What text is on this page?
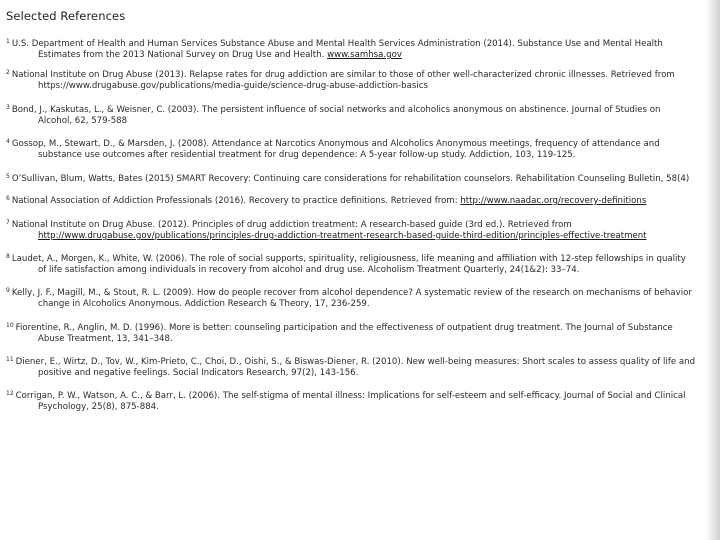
Selected References

$^1$ U.S. Department of Health and Human Services Substance Abuse and Mental Health Services Administration (2014). Substance Use and Mental Health Estimates from the 2013 National Survey on Drug Use and Health. www.samhsa.gov

$^2$ National Institute on Drug Abuse (2013). Relapse rates for drug addiction are similar to those of other well-characterized chronic illnesses. Retrieved from https://www.drugabuse.gov/publications/media-guide/science-drug-abuse-addiction-basics

$^3$ Bond, J., Kaskutas, L., & Weisner, C. (2003). The persistent influence of social networks and alcoholics anonymous on abstinence. Journal of Studies on Alcohol, 62, 579-588

$^4$ Gossop, M., Stewart, D., & Marsden, J. (2008). Attendance at Narcotics Anonymous and Alcoholics Anonymous meetings, frequency of attendance and substance use outcomes after residential treatment for drug dependence: A 5-year follow-up study. Addiction, 103, 119-125.

$^5$ O’Sullivan, Blum, Watts, Bates (2015) SMART Recovery: Continuing care considerations for rehabilitation counselors. Rehabilitation Counseling Bulletin, 58(4)

$^6$ National Association of Addiction Professionals (2016). Recovery to practice definitions. Retrieved from: http://www.naadac.org/recovery-definitions

$^7$ National Institute on Drug Abuse. (2012). Principles of drug addiction treatment: A research-based guide (3rd ed.). Retrieved from http://www.drugabuse.gov/publications/principles-drug-addiction-treatment-research-based-guide-third-edition/principles-effective-treatment

$^8$ Laudet, A., Morgen, K., White, W. (2006). The role of social supports, spirituality, religiousness, life meaning and affiliation with 12-step fellowships in quality of life satisfaction among individuals in recovery from alcohol and drug use. Alcoholism Treatment Quarterly, 24(1&2): 33–74.

$^9$ Kelly, J. F., Magill, M., & Stout, R. L. (2009). How do people recover from alcohol dependence? A systematic review of the research on mechanisms of behavior change in Alcoholics Anonymous. Addiction Research & Theory, 17, 236-259.

$^{10}$ Fiorentine, R., Anglin, M. D. (1996). More is better: counseling participation and the effectiveness of outpatient drug treatment. The Journal of Substance Abuse Treatment, 13, 341–348.

$^{11}$ Diener, E., Wirtz, D., Tov, W., Kim-Prieto, C., Choi, D., Oishi, S., & Biswas-Diener, R. (2010). New well-being measures: Short scales to assess quality of life and positive and negative feelings. Social Indicators Research, 97(2), 143-156.

$^{12}$ Corrigan, P. W., Watson, A. C., & Barr, L. (2006). The self-stigma of mental illness: Implications for self-esteem and self-efficacy. Journal of Social and Clinical Psychology, 25(8), 875-884.
